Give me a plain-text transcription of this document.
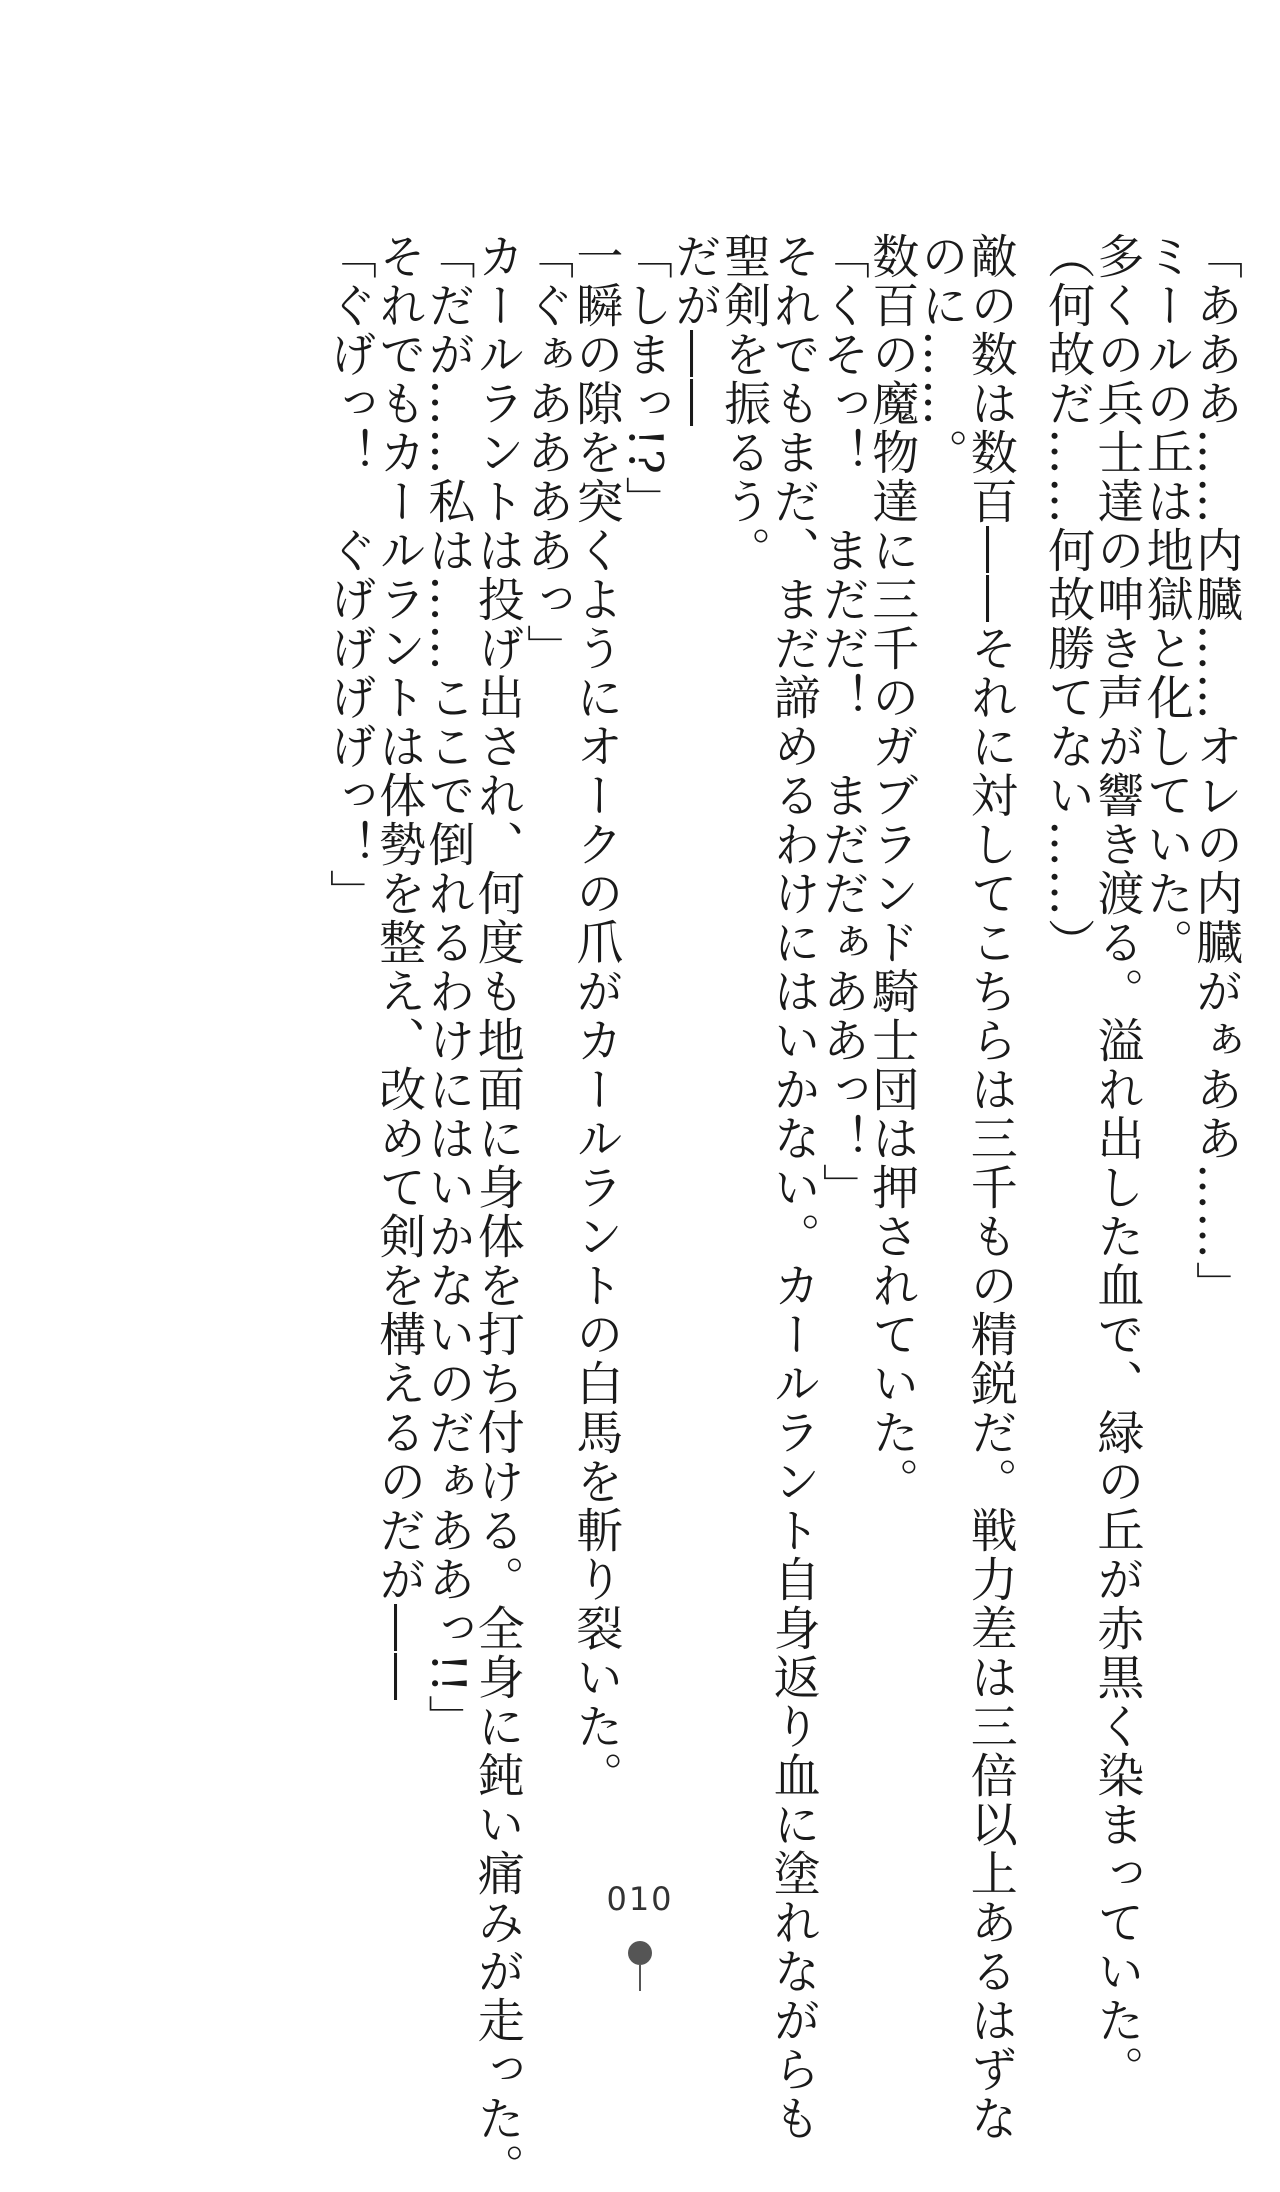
「あああ……内臓……オレの内臓がぁああ……」
ミールの丘は地獄と化していた。
多くの兵士達の呻き声が響き渡る。溢れ出した血で、緑の丘が赤黒く染まっていた。
（何故だ……何故勝てない……）
敵の数は数百――それに対してこちらは三千もの精鋭だ。戦力差は三倍以上あるはずな
のに……。
数百の魔物達に三千のガブランド騎士団は押されていた。
「くそっ！　まだだ！　まだだぁああっ！」
それでもまだ、まだ諦めるわけにはいかない。カールラント自身返り血に塗れながらも
聖剣を振るう。
だが――
「しまっ!?」
一瞬の隙を突くようにオークの爪がカールラントの白馬を斬り裂いた。
「ぐぁああああっ」
カールラントは投げ出され、何度も地面に身体を打ち付ける。全身に鈍い痛みが走った。
「だが……私は……ここで倒れるわけにはいかないのだぁああっ!!」
それでもカールラントは体勢を整え、改めて剣を構えるのだが――
「ぐげっ！　ぐげげげげっ！」
010
